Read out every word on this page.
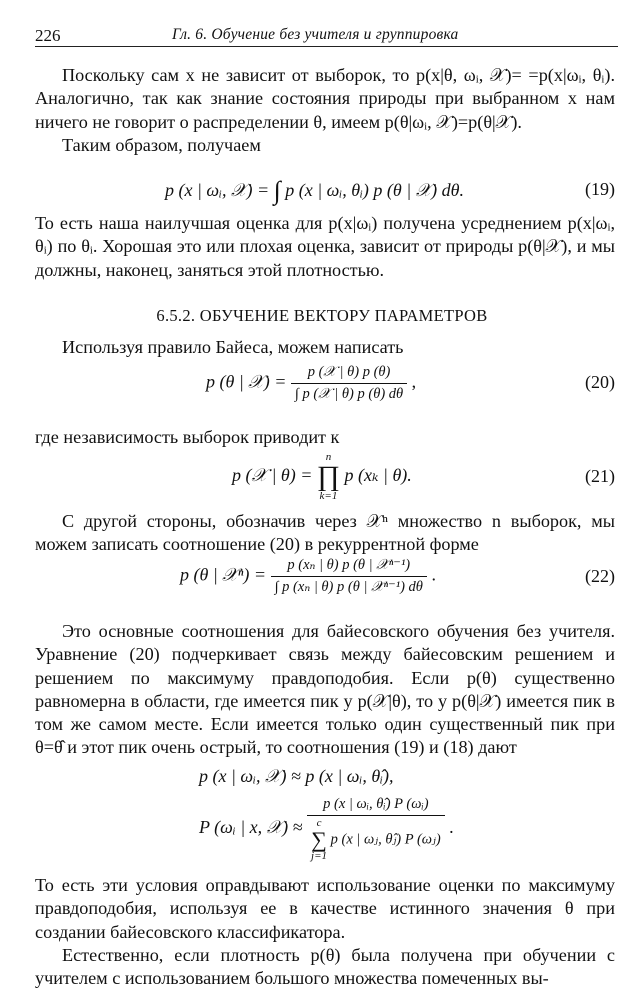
226	Гл. 6. Обучение без учителя и группировка

Поскольку сам x не зависит от выборок, то p(x|θ, ωᵢ, 𝒳)= =p(x|ωᵢ, θᵢ). Аналогично, так как знание состояния природы при выбранном x нам ничего не говорит о распределении θ, имеем p(θ|ωᵢ, 𝒳)=p(θ|𝒳).

Таким образом, получаем

p (x | ωᵢ, 𝒳) = ∫ p (x | ωᵢ, θᵢ) p (θ | 𝒳) dθ.	(19)

То есть наша наилучшая оценка для p(x|ωᵢ) получена усреднением p(x|ωᵢ, θᵢ) по θᵢ. Хорошая это или плохая оценка, зависит от природы p(θ|𝒳), и мы должны, наконец, заняться этой плотностью.

6.5.2. ОБУЧЕНИЕ ВЕКТОРУ ПАРАМЕТРОВ

Используя правило Байеса, можем написать

p (θ | 𝒳) = $\frac{\text{p (𝒳 | θ) p (θ)}}{\text{∫ p (𝒳 | θ) p (θ) dθ}}$ ,	(20)

где независимость выборок приводит к

p (𝒳 | θ) =
n
∏
k=1
p (xₖ | θ).	(21)

С другой стороны, обозначив через 𝒳ⁿ множество n выборок, мы можем записать соотношение (20) в рекуррентной форме

p (θ | 𝒳ⁿ) = $\frac{\text{p (xₙ | θ) p (θ | 𝒳ⁿ⁻¹)}}{\text{∫ p (xₙ | θ) p (θ | 𝒳ⁿ⁻¹) dθ}}$ .	(22)

Это основные соотношения для байесовского обучения без учителя. Уравнение (20) подчеркивает связь между байесовским решением и решением по максимуму правдоподобия. Если p(θ) существенно равномерна в области, где имеется пик у p(𝒳|θ), то у p(θ|𝒳) имеется пик в том же самом месте. Если имеется только один существенный пик при θ=θ̂ и этот пик очень острый, то соотношения (19) и (18) дают

p (x | ωᵢ, 𝒳) ≈ p (x | ωᵢ, θ̂ᵢ),
P (ωᵢ | x, 𝒳) ≈
p (x | ωᵢ, θ̂ᵢ) P (ωᵢ)
c
∑
j=1
p (x | ωⱼ, θ̂ⱼ) P (ωⱼ)
.

То есть эти условия оправдывают использование оценки по максимуму правдоподобия, используя ее в качестве истинного значения θ при создании байесовского классификатора.

Естественно, если плотность p(θ) была получена при обучении с учителем с использованием большого множества помеченных вы-
